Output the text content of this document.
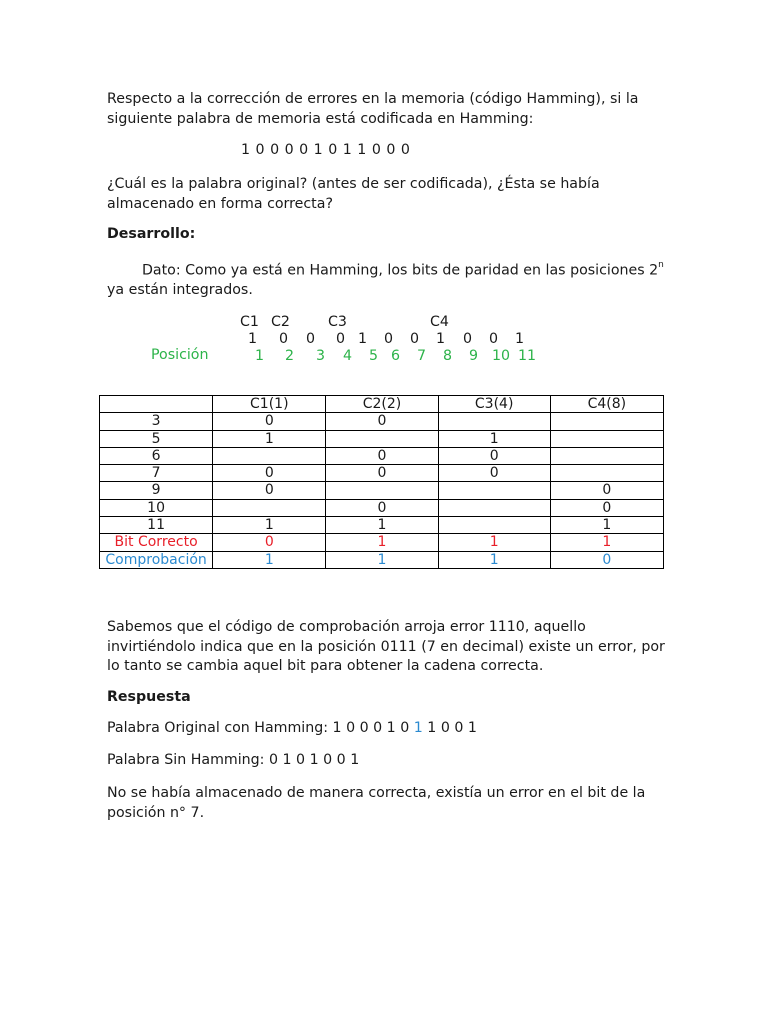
Respecto a la corrección de errores en la memoria (código Hamming), si la siguiente palabra de memoria está codificada en Hamming:

1 0 0 0 0 1 0 1 1 0 0 0

¿Cuál es la palabra original? (antes de ser codificada), ¿Ésta se había almacenado en forma correcta?

Desarrollo:
Dato: Como ya está en Hamming, los bits de paridad en las posiciones 2$^n$
ya están integrados.
C1 C2	C3	C4
1 0 0 0 1 0 0 1 0 0 1
Posición	1 2 3 4 5 6 7 8 9 10 11
	C1(1)	C2(2)	C3(4)	C4(8)
3	0	0		
5	1		1	
6		0	0	
7	0	0	0	
9	0			0
10		0		0
11	1	1		1
Bit Correcto	0	1	1	1
Comprobación	1	1	1	0

Sabemos que el código de comprobación arroja error 1110, aquello invirtiéndolo indica que en la posición 0111 (7 en decimal) existe un error, por lo tanto se cambia aquel bit para obtener la cadena correcta.

Respuesta
Palabra Original con Hamming: 1 0 0 0 1 0 1 1 0 0 1
Palabra Sin Hamming: 0 1 0 1 0 0 1

No se había almacenado de manera correcta, existía un error en el bit de la posición n° 7.
